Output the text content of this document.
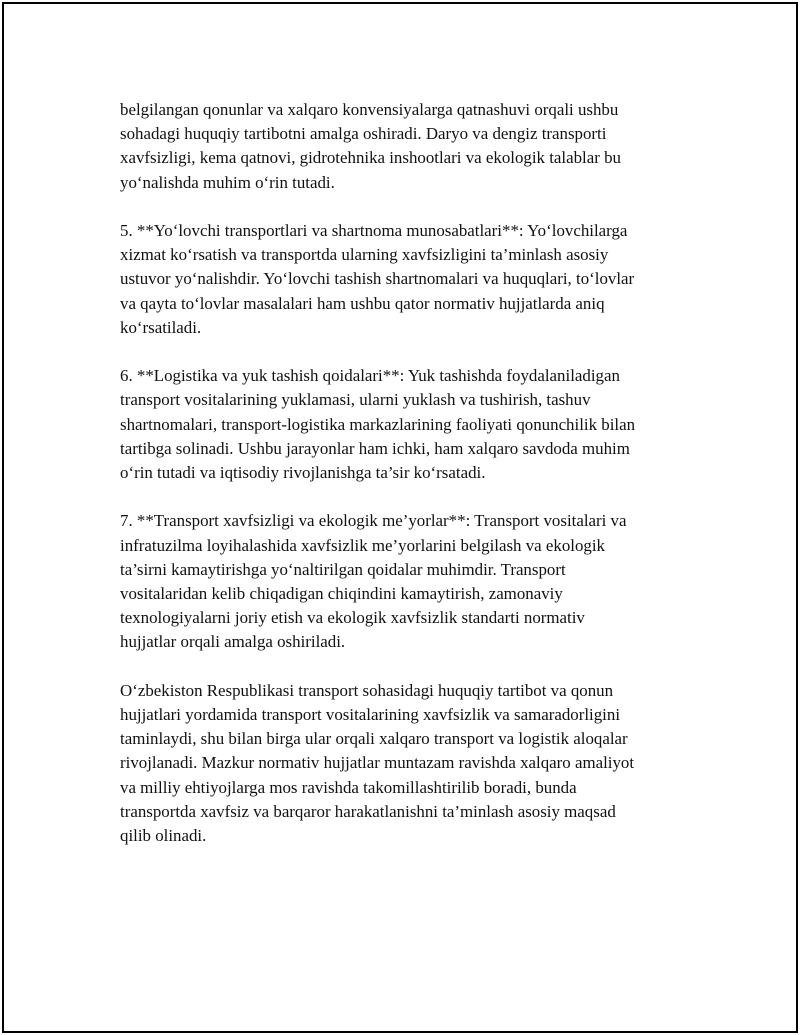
belgilangan qonunlar va xalqaro konvensiyalarga qatnashuvi orqali ushbu
sohadagi huquqiy tartibotni amalga oshiradi. Daryo va dengiz transporti
xavfsizligi, kema qatnovi, gidrotehnika inshootlari va ekologik talablar bu
yo‘nalishda muhim o‘rin tutadi.

5. **Yo‘lovchi transportlari va shartnoma munosabatlari**: Yo‘lovchilarga
xizmat ko‘rsatish va transportda ularning xavfsizligini ta’minlash asosiy
ustuvor yo‘nalishdir. Yo‘lovchi tashish shartnomalari va huquqlari, to‘lovlar
va qayta to‘lovlar masalalari ham ushbu qator normativ hujjatlarda aniq
ko‘rsatiladi.

6. **Logistika va yuk tashish qoidalari**: Yuk tashishda foydalaniladigan
transport vositalarining yuklamasi, ularni yuklash va tushirish, tashuv
shartnomalari, transport-logistika markazlarining faoliyati qonunchilik bilan
tartibga solinadi. Ushbu jarayonlar ham ichki, ham xalqaro savdoda muhim
o‘rin tutadi va iqtisodiy rivojlanishga ta’sir ko‘rsatadi.

7. **Transport xavfsizligi va ekologik me’yorlar**: Transport vositalari va
infratuzilma loyihalashida xavfsizlik me’yorlarini belgilash va ekologik
ta’sirni kamaytirishga yo‘naltirilgan qoidalar muhimdir. Transport
vositalaridan kelib chiqadigan chiqindini kamaytirish, zamonaviy
texnologiyalarni joriy etish va ekologik xavfsizlik standarti normativ
hujjatlar orqali amalga oshiriladi.

O‘zbekiston Respublikasi transport sohasidagi huquqiy tartibot va qonun
hujjatlari yordamida transport vositalarining xavfsizlik va samaradorligini
taminlaydi, shu bilan birga ular orqali xalqaro transport va logistik aloqalar
rivojlanadi. Mazkur normativ hujjatlar muntazam ravishda xalqaro amaliyot
va milliy ehtiyojlarga mos ravishda takomillashtirilib boradi, bunda
transportda xavfsiz va barqaror harakatlanishni ta’minlash asosiy maqsad
qilib olinadi.
